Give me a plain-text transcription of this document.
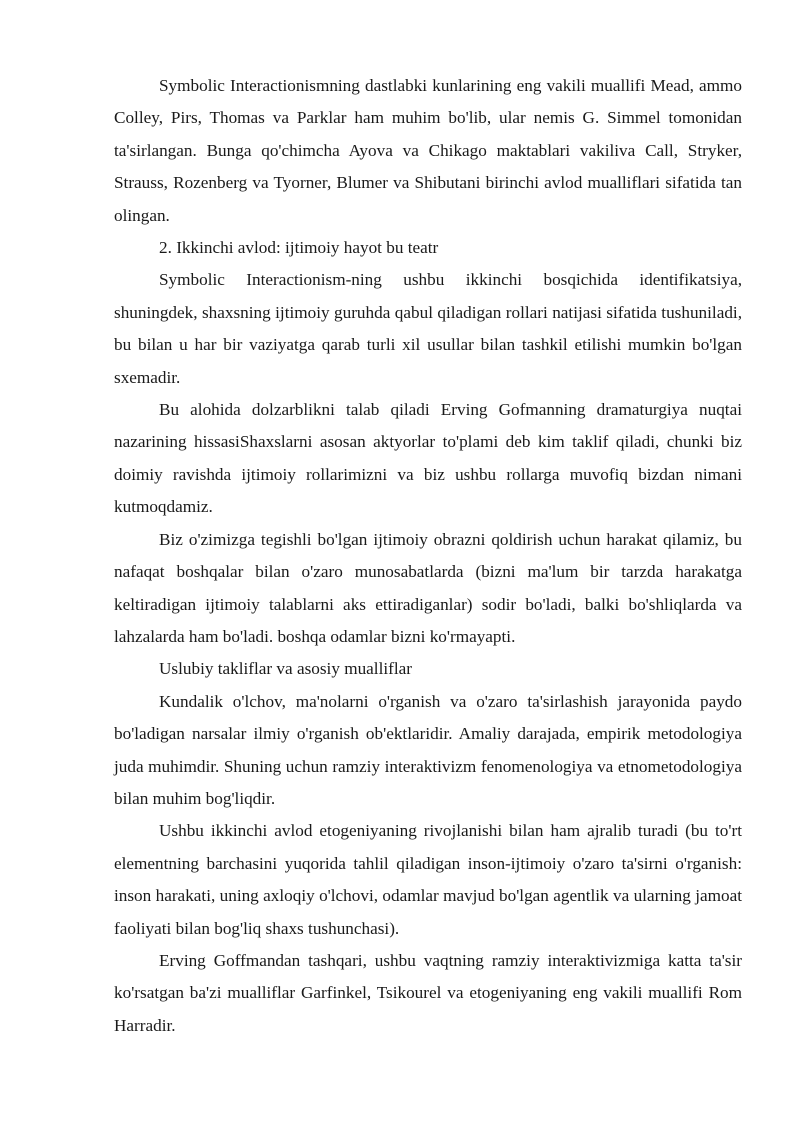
Symbolic Interactionismning dastlabki kunlarining eng vakili muallifi Mead, ammo Colley, Pirs, Thomas va Parklar ham muhim bo'lib, ular nemis G. Simmel tomonidan ta'sirlangan. Bunga qo'chimcha Ayova va Chikago maktablari vakiliva Call, Stryker, Strauss, Rozenberg va Tyorner, Blumer va Shibutani birinchi avlod mualliflari sifatida tan olingan.

2. Ikkinchi avlod: ijtimoiy hayot bu teatr

Symbolic Interactionism-ning ushbu ikkinchi bosqichida identifikatsiya, shuningdek, shaxsning ijtimoiy guruhda qabul qiladigan rollari natijasi sifatida tushuniladi, bu bilan u har bir vaziyatga qarab turli xil usullar bilan tashkil etilishi mumkin bo'lgan sxemadir.

Bu alohida dolzarblikni talab qiladi Erving Gofmanning dramaturgiya nuqtai nazarining hissasiShaxslarni asosan aktyorlar to'plami deb kim taklif qiladi, chunki biz doimiy ravishda ijtimoiy rollarimizni va biz ushbu rollarga muvofiq bizdan nimani kutmoqdamiz.

Biz o'zimizga tegishli bo'lgan ijtimoiy obrazni qoldirish uchun harakat qilamiz, bu nafaqat boshqalar bilan o'zaro munosabatlarda (bizni ma'lum bir tarzda harakatga keltiradigan ijtimoiy talablarni aks ettiradiganlar) sodir bo'ladi, balki bo'shliqlarda va lahzalarda ham bo'ladi. boshqa odamlar bizni ko'rmayapti.

Uslubiy takliflar va asosiy mualliflar

Kundalik o'lchov, ma'nolarni o'rganish va o'zaro ta'sirlashish jarayonida paydo bo'ladigan narsalar ilmiy o'rganish ob'ektlaridir. Amaliy darajada, empirik metodologiya juda muhimdir. Shuning uchun ramziy interaktivizm fenomenologiya va etnometodologiya bilan muhim bog'liqdir.

Ushbu ikkinchi avlod etogeniyaning rivojlanishi bilan ham ajralib turadi (bu to'rt elementning barchasini yuqorida tahlil qiladigan inson-ijtimoiy o'zaro ta'sirni o'rganish: inson harakati, uning axloqiy o'lchovi, odamlar mavjud bo'lgan agentlik va ularning jamoat faoliyati bilan bog'liq shaxs tushunchasi).

Erving Goffmandan tashqari, ushbu vaqtning ramziy interaktivizmiga katta ta'sir ko'rsatgan ba'zi mualliflar Garfinkel, Tsikourel va etogeniyaning eng vakili muallifi Rom Harradir.
